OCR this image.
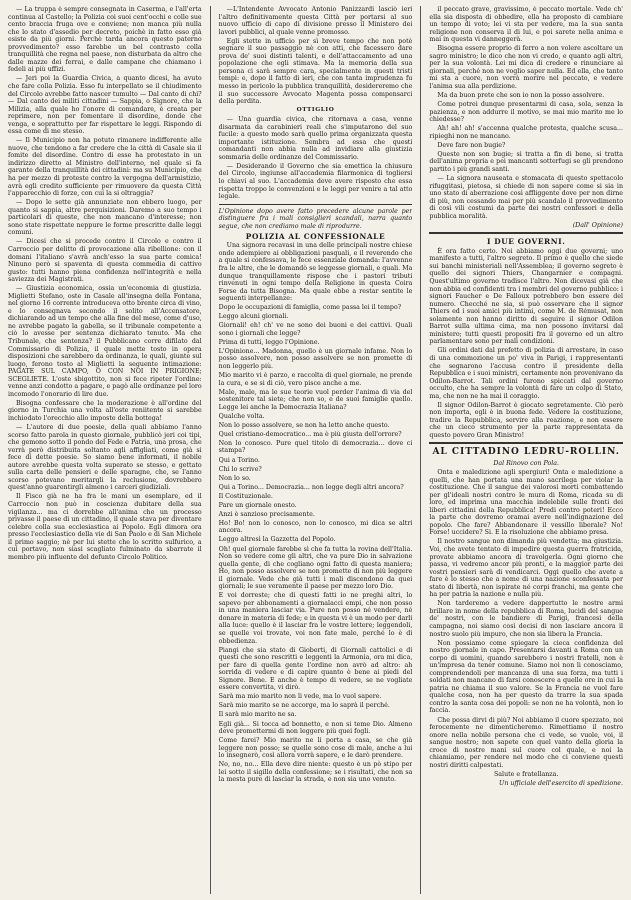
— La truppa è sempre consegnata in Caserma, e l'all'erta continua al Castello; la Polizia coi suoi cent'occhi e colle sue cento braccia fruga ove e conviene; non manca più nulla che lo stato d'assedio per decreto, poichè in fatto esso già esiste da più giorni. Perchè tarda ancora questo paterno provvedimento? esso farebbe un bel contrasto colla tranquillità che regna nel paese, non disturbata da altro che dalle mazze dei ferrai, e dalle campane che chiamano i fedeli ai più uffizi.

— Jeri poi la Guardia Civica, a quanto dicesi, ha avuto che fare colla Polizia. Esso fu interpellato se il chiudimento del Circolo avrebbe fatto nascer tumulto — Dal canto di chi? — Dal canto dei militi cittadini — Sappia, o Signore, che la Milizia, alla quale ho l'onore di comandare, è creata per reprimere, non per fomentare il disordine, donde che venga, e soprattutto per far rispettare le leggi. Rispondo di essa come di me stesso.

— Il Municipio non ha potuto rimanere indifferente alle nuove, che tendono a far credere che la città di Casale sia il fomite del disordine. Contro di esse ha protestato in un indirizzo diretto al Ministro dell'interno, nel quale si fa garante della tranquillità dei cittadini: ma su Municipio, che ha per mezzo di proteste contro la vergogna dell'armistizio, avrà egli credito sufficiente per rimuovere da questa Città l'apparecchio di forze, con cui la si oltraggia?

— Dopo le sette già annunziate non ebbero luogo, per quanto si sappia, altre perquisizioni. Daremo a suo tempo i particolari di queste, che non mancano d'interesse; non sono state rispettate neppure le forme prescritte dalle leggi comuni.

— Dicesi che si procede contro il Circolo e contro il Carroccio per delitto di provocazione alla ribellione: con il domani l'italiano s'avrà anch'esso la sua parte comica! Ninuno però si spaventa di questa commedia di cattivo gusto: tutti hanno piena confidenza nell'integrità e nella saviezza dei Magistrati.

— Giustizia economica, ossia un'economia di giustizia. Miglietti Stefano, oste in Casale all'insegna della Fontana, nel giorno 16 corrente introduceva otto brente circa di vino, e lo consegnava secondo il solito all'Accensatore, dichiarando ad un tempo che alla fine del mese, come d'uso, ne avrebbe pagato la gabella, se il tribunale competente a ciò lo avesse per sentenza dichiarato tenuto. Ma che Tribunale, che sentenza? il Pubblicano corre difilato dal Commissario di Polizia, il quale mette tosto in opera disposizioni che sarebbero da ordinanza, le quali, giunte sul luogo, ferono tosto al Miglietti la seguente intimazione: PAGATE SUL CAMPO, O CON NOI IN PRIGIONE; SCEGLIETE. L'oste sbigottito, non si fece ripeter l'ordine: venne anzi condotto a pagare, e pagò alle ordinanze pel loro incomodo l'onorario di lire due.

Bisogna confessare che la moderazione è all'ordine del giorno in Turchia una volta all'oste reniitente si sarebbe inchiodato l'orecchio allo imposte della bottega!

— L'autore di due poesie, della quali abbiamo l'anno scorso fatto parola in questo giornale, pubblicò jeri coi tipi, che gemono sotto il pondo del Fede e Patria, una prosa, che verrà però distribuita soltanto agli affigliati, come già si fece di dette poesie. So siamo bene informati, il nobile autore avrebbe questa volta superato se stesso, e gettato sulla carta delle pensieri e delle sparagne, che, se l'anno scorso potevano meritargli la reclusione, dovrebbero quest'anno guarentirgli almeno i carceri giudiziali.

Il Fisco già ne ha fra le mani un esemplare, ed il Carroccio non può in coscienza dubitare della sua vigilanza... ma ci dorrebbe all'anima che un processo privasse il paese di un cittadino, il quale stava per diventare celebre colla sua ecclesiastica ai Popolo. Egli dimora ora presso l'ecclesiastico della vie di San Paolo e di San Michele il primo saggio; nè per lui stette che lo scritto sulfurico, a cui portavo, non siasi scagliato fulminato da sbarrate il membro più influente del defunto Circolo Politico.

—L'Intendente Avvocato Antonio Panizzardi lasciò ieri l'altro definitivamente questa Città per portarsi al suo nuovo ufficio di capo di divisione presso il Ministero dei lavori pubblici, al quale venne promosso.

Egli stette in ufficio per sì breve tempo che non potè segnare il suo passaggio nè con atti, che facessero dare prova de' suoi distinti talenti, e dell'attaccamento ad una popolazione che egli stimava. Ma la memoria della sua persona ci sarà sempre cara, specialmente in questi tristi tempi: e, dopo il fatto di ieri, che con tanta imprudenza fu messo in pericolo la pubblica tranquillità, desidereremo che il suo successore Avvocato Magenta possa compensarci della perdita.

OTTIGLIO

— Una guardia civica, che ritornava a casa, venne disarmata da carabinieri reali che s'imputarono del suo fucile: a questo modo sarà quello prima organizzata questa importante istituzione. Sembra ad essa che questi comandanti non abbia nulla ad invidiare alla giustizia sommaria delle ordinanze del Commissario.

— Desiderando il Governo che sia emettica la chiusura del Circolo, ingiunse all'accademia filarmonica di togliersi lo chiavi al suo. L'accademia deve avere risposto che essa rispetta troppo le convenzioni e le leggi per venire a tal atto legale.

L'Opinione dopo avere fatto precedere alcune parole per distinguere fra i mali consiglieri scandali, narra quanto segue, che non crediamo male di riprodurre.

POLIZIA AL CONFESSIONALE

Una signora recavasi in una delle principali nostre chiese onde adempiere ai obbligazioni pasquali, e il reverendo che a quale si confessava, le fece essenziale domanda: l'avvenne fra le altre, che le domandò se leggesse giornali, e quali. Ma dunque tranquillamente rispose che i pastori tributi rinvenuti in ogni tempo della Religione in questa Coira Forse da tutta Bisogna. Ma quale ebbe a restar sentite le seguenti interpellanze:

Dopo le occupazioni di famiglia, come passa lei il tempo?

Leggo alcuni giornali.

Giornali! eh! ch' ve ne sono dei buoni e dei cattivi. Quali sono i giornali che legge?

Prima di tutti, leggo l'Opinione.

L'Opinione... Madonna, quello è un giornale infame. Non lo posso assolvere, non posso assolvere se non promette di non leggerlo più.

Mio marito vi è parzo, e raccolta di quel giornale, ne prende la cura, e se si di ciò, vero pisce anche a me.

Male, male, ma le sue teorie vuol perder l'anima di via del sostenitore tal siete; che non so, e de suoi famiglie quello. Legge lei anche la Democrazia Italiana?

Qualche volta.

Non lo posso assolvere, se non ha letto anche questo.

Quel cristiano-democratico... ma è più giusta dell'orrore?

Non lo conosco. Pure quel titolo di democrazia... dove ci stampa?

Qui a Torino.

Chi lo scrive?

Non lo so.

Qui a Torino... Democrazia... non legge degli altri ancora?

Il Costituzionale.

Pare un giornale onesto.

Anzi è sanzioso precisamente.

Ho! Bo! non lo conosco, non lo conosco, mi dica se altri ancora.

Leggo altresì la Gazzetta del Popolo.

Oh! quel giornale farebbe sì che fa tutta la rovina dell'Italia. Non so vedere come gli altri, che va pure Dio in salvazione quella gente, di che cogliano ogni fatto di questa maniera; Ho, non posso assolvere se non promette di non più leggere il giornale. Vede che già tutti i mali discendono da quei giornali; le sue veramente il paese per mezzo loro Dio.

E voi dorreste; che di questi fatti io ne preghi altri, lo sapevo per abbonamenti a giornalacci empi, che non posso in una maniera lasciar via. Pure non posso né vendere, né donare in materia di fede; e in questa vi è un modo per darli alla luce: quello è il lasciar fra le vostre lettere; leggendoli, se quelle voi trovate, voi non fate male, perché lo è di obbedienza.

Piangi che sia stato di Gioberti, di Giornali cattolici e di questi che sono rescritti e leggenti la Armonia, ora mi dica, per fare di quella gente l'ordine non avrò ad altro: ah sorrida di vedere e di capire quanto è bene ai piedi del Signore. Bene. E anche è tempo di vedere, se ne vogliate essere convertita, vi dirò.

Sarà ma mio marito non li vede, ma lo vuol sapere.

Sarà mio marito se ne accorge, ma lo saprà il perché.

Il sarà mio marito ne sa.

Egli già... Si tocca ad bonnetto, e non si teme Dio. Almeno deve promettermi di non leggere più quei fogli.

Come farei? Mio marito ne li porta a casa, se che già leggere non posso; se quelle sono cose di male, anche a lui lo insegnerò, così allora vorrà sapere, e le darò prendere.

No, no, no... Ella deve dire niente: questo è un pò stipo per lei sotto il sigillo della confessione; se i risultati, che non sa la mesta pure di lasciar la strada, e non sia uno venuto.

il peccato grave, gravissimo, è peccato mortale. Vede ch' ella sia disposta di obbedire, ella ha proposto di cambiare un tempo di voto; lei vi sta per vedere, ma la sua santa religione non conserva il di lui, e poi sarete nella anima e mai in questa vi danneggerà.

Bisogna essere proprio di ferro a non volere ascoltare un sagro ministro; le dico che non vi credo, e quanto agli altri, per la sua volontà. Lei mi dica di credere e rinunciare ai giornali, perché non ne voglio saper nulla. Ed ella, che tanto mi sta a cuore, non vorrà morire nel peccato, e vedere l'anima sua alla perdizione.

Ma da buon prete che son io non la posso assolvere.

Come potrei dunque presentarmi di casa, sola, senza la pazienza, e non addurre il motivo, se mai mio marito me lo chiedesse?

Ah! ah! ah! s'accenna qualche protesta, qualche scusa... ripieghi non ne mancano.

Deve fare non bugie?

Queste non son bugie; si tratta a fin di bene, si tratta dell'anima propria e pei mancanti sotterfugi se gli prendono partito i più grandi santi.

— La signora nauseata e stomacata di questo spettacolo rifuggitasi, pietosa, si chiede di non sapere come si sia in uno stato di aberrazione così affliggente dove per non dirne di più, non cessando mai per più scandalo il provvedimento di così vili costumi da parte dei nostri confessori e della pubblica moralità.

(Dall' Opinione)

I DUE GOVERNI.

È ora fatto certo. Noi abbiamo oggi due governi; uno manifesto a tutti, l'altro segreto. Il primo è quello che siede sui banchi ministeriali nell'Assemblea; il governo segreto è quello dei signori Thiers, Changarnier e compagni. Quest'ultimo governo tradisce l'altro. Non dicevasi già che non abbia ed confidenti tra i membri del governo pubblico: i signori Faucher e De Falloux potrebbero ben essere del numero. Checché ne sia, si può osservare che il signor Thiers ed i suoi amici più intimi, come M. de Rémusat, non solamente non hanno diritto di seguire il signor Odilon Barrot sulla ultima cima, ma non possono invitarsi dal ministero; tutti questi propositi fra il governo ed un altro parlamentare sono per mali condizioni.

Gli ordini dati dal prefetto di polizia di arrestare, in caso di una commozione un po' viva in Parigi, i rappresentanti che segnarono l'accusa contro il presidente della Repubblica e i suoi ministri, certamente non provenivano da Odilon-Barrot. Tali ordini furono spiccati dal governo occulto, che ha sempre la volontà di fare un colpo di Stato, ma, che non ne ha mai il coraggio.

Il signor Odilon-Barrot è giocato segretamente. Ciò però non importa, egli è in buona fede. Vedere la costituzione, tradire la Repubblica, servire alla reazione, e non essere che un cieco strumento per la parte rappresentata da questo povero Gran Ministro!

AL CITTADINO LEDRU-ROLLIN.

Dal Rinovo con Pola.

Onta e maledizione agli spergiuri! Onta e maledizione a quelli, che han portata una mano sacrilega per violar la costituzione. Che il sangue dei valorosi morti combattendo per gl'ideali nostri contro le mura di Roma, ricada su di loro, ed imprima una macchia indelebile sulle fronti dei liberi cittadini della Repubblica! Predi contro poteri! Ecco la parte che dovremo oramai avere nell'indignazione del popolo. Che fare? Abbandonare il vessillo liberale? No! Forse! uccidere? Si. E la risoluzione che abbiamo presa.

Il nostro sangue non dimanda più vendetta; ma giustizia. Voi, che avete tentato di impedire questa guerra fratricida, provate abbiamo ancora di travolgerla. Ogni giorno che passa, vi vedremo ancor più pronti, e la maggior parte dei vostri pensieri sarà di vendicarci. Oggi quello che avete a fare è lo stesso che a nome di una nazione sconfessata per stato di libertà, non ispirate né corpi franchi, ma gente che ha per patria la nazione e nulla più.

Non tarderemo a vedere dappertutto le nostre armi brillare in nome della repubblica di Roma, lucidi del sangue de' nostri, con le bandiere di Parigi, francesi della campagna, noi siamo così decisi di non lasciare ancora il nostro suolo più impuro, che non sia libera la Francia.

Non possiamo come spiegare la cieca confidenza del nostro giornale in capo. Presentarsi davanti a Roma con un corpo di uomini, quando sarebbero i nostri fratelli, non è un'impresa da tener comune. Siamo noi non li conosciamo, comprendendoli per mancanza di una sua forza, ma tutti i soldati non mancano di farsi conoscere a quelle ore in cui la patria ne chiama il suo valore. Se la Francia ne vuol fare qualche cosa, non ha per questo da trarre la sua spada contro la santa cosa dei popoli: se non ne ha volontà, non lo faccia.

Che possa dirvi di più? Noi abbiamo il cuore spezzato, noi ferocemente ne dimenticheremo. Rimettiamo il nostro onore nella nobile persona che ci vede, se vuole, voi, il sangue nostro; non sapete con quel vanto della gloria la croce di nostre mani sul cuore col quale, e noi la chiamiamo, per rendere nel modo che ci conviene questi nostri diritti calpestati.

Salute e fratellanza.

Un ufficiale dell'esercito di spedizione.
